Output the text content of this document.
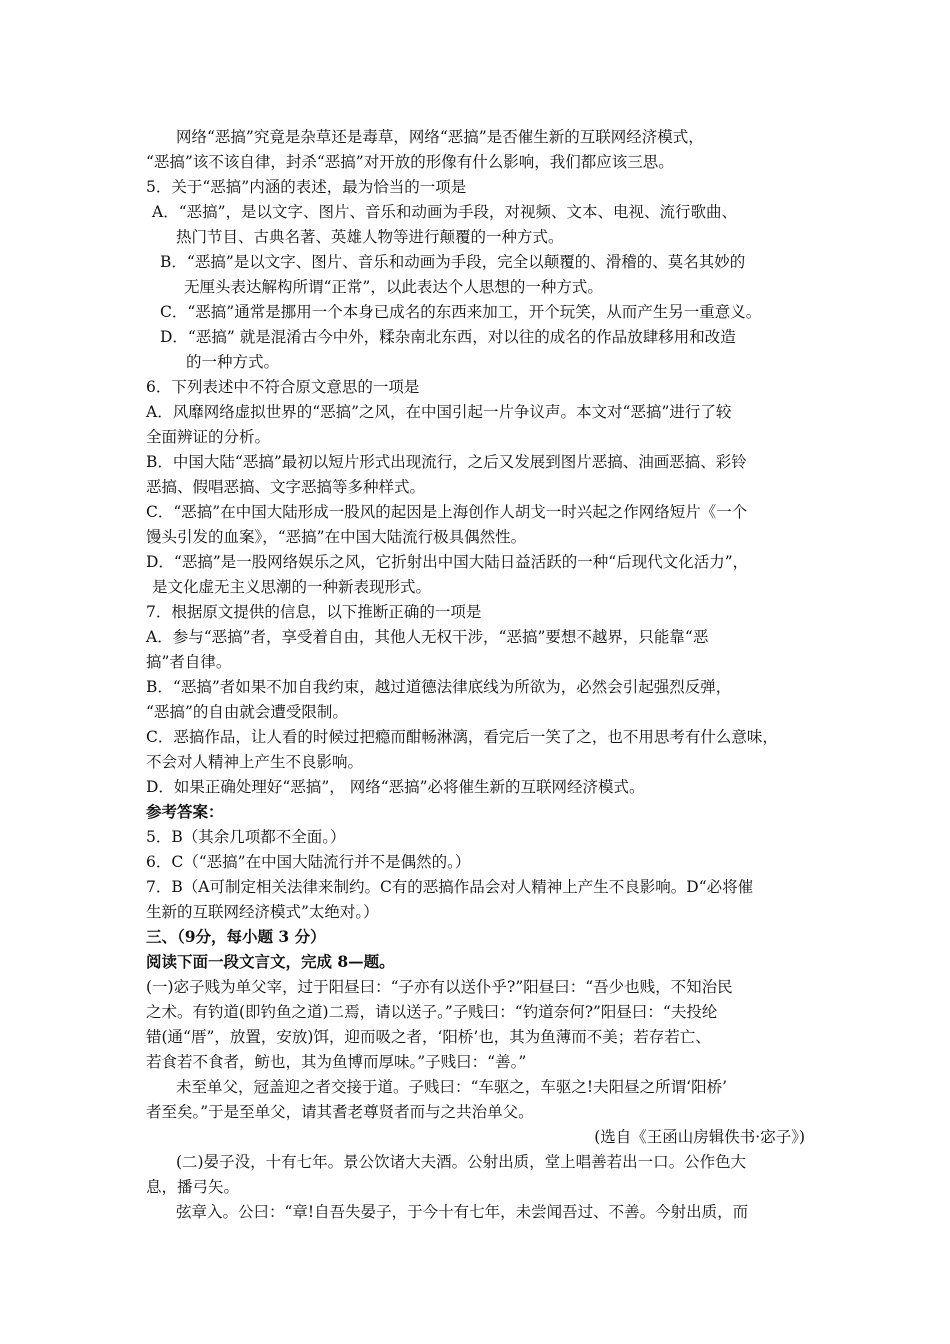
网络“恶搞”究竟是杂草还是毒草，网络“恶搞”是否催生新的互联网经济模式，
“恶搞”该不该自律，封杀“恶搞”对开放的形像有什么影响，我们都应该三思。
5．关于“恶搞”内涵的表述，最为恰当的一项是
A．“恶搞”，是以文字、图片、音乐和动画为手段，对视频、文本、电视、流行歌曲、
热门节目、古典名著、英雄人物等进行颠覆的一种方式。
B．“恶搞”是以文字、图片、音乐和动画为手段，完全以颠覆的、滑稽的、莫名其妙的
无厘头表达解构所谓“正常”，以此表达个人思想的一种方式。
C．“恶搞”通常是挪用一个本身已成名的东西来加工，开个玩笑，从而产生另一重意义。
D．“恶搞” 就是混淆古今中外，糅杂南北东西，对以往的成名的作品放肆移用和改造
的一种方式。
6．下列表述中不符合原文意思的一项是
A．风靡网络虚拟世界的“恶搞”之风，在中国引起一片争议声。本文对“恶搞”进行了较
全面辨证的分析。
B．中国大陆“恶搞”最初以短片形式出现流行，之后又发展到图片恶搞、油画恶搞、彩铃
恶搞、假唱恶搞、文字恶搞等多种样式。
C．“恶搞”在中国大陆形成一股风的起因是上海创作人胡戈一时兴起之作网络短片《一个
馒头引发的血案》，“恶搞”在中国大陆流行极具偶然性。
D．“恶搞”是一股网络娱乐之风，它折射出中国大陆日益活跃的一种“后现代文化活力”，
是文化虚无主义思潮的一种新表现形式。
7．根据原文提供的信息，以下推断正确的一项是
A．参与“恶搞”者，享受着自由，其他人无权干涉，“恶搞”要想不越界，只能靠“恶
搞”者自律。
B．“恶搞”者如果不加自我约束，越过道德法律底线为所欲为，必然会引起强烈反弹，
“恶搞”的自由就会遭受限制。
C．恶搞作品，让人看的时候过把瘾而酣畅淋漓，看完后一笑了之，也不用思考有什么意味，
不会对人精神上产生不良影响。
D．如果正确处理好“恶搞”， 网络“恶搞”必将催生新的互联网经济模式。
参考答案：
5．B（其余几项都不全面。）
6．C（“恶搞”在中国大陆流行并不是偶然的。）
7．B（A可制定相关法律来制约。C有的恶搞作品会对人精神上产生不良影响。D“必将催
生新的互联网经济模式”太绝对。）
三、（9分，每小题 3 分）
阅读下面一段文言文，完成 8—题。
(一)宓子贱为单父宰，过于阳昼曰：“子亦有以送仆乎?”阳昼曰：“吾少也贱，不知治民
之术。有钓道(即钓鱼之道)二焉，请以送子。”子贱曰：“钓道奈何?”阳昼曰：“夫投纶
错(通“厝”，放置，安放)饵，迎而吸之者，‘阳桥’也，其为鱼薄而不美；若存若亡、
若食若不食者，鲂也，其为鱼博而厚味。”子贱曰：“善。”
未至单父，冠盖迎之者交接于道。子贱曰：“车驱之，车驱之!夫阳昼之所谓‘阳桥’
者至矣。”于是至单父，请其耆老尊贤者而与之共治单父。
(选自《王函山房辑佚书·宓子》)
(二)晏子没，十有七年。景公饮诸大夫酒。公射出质，堂上唱善若出一口。公作色大
息，播弓矢。
弦章入。公曰：“章!自吾失晏子，于今十有七年，未尝闻吾过、不善。今射出质，而
